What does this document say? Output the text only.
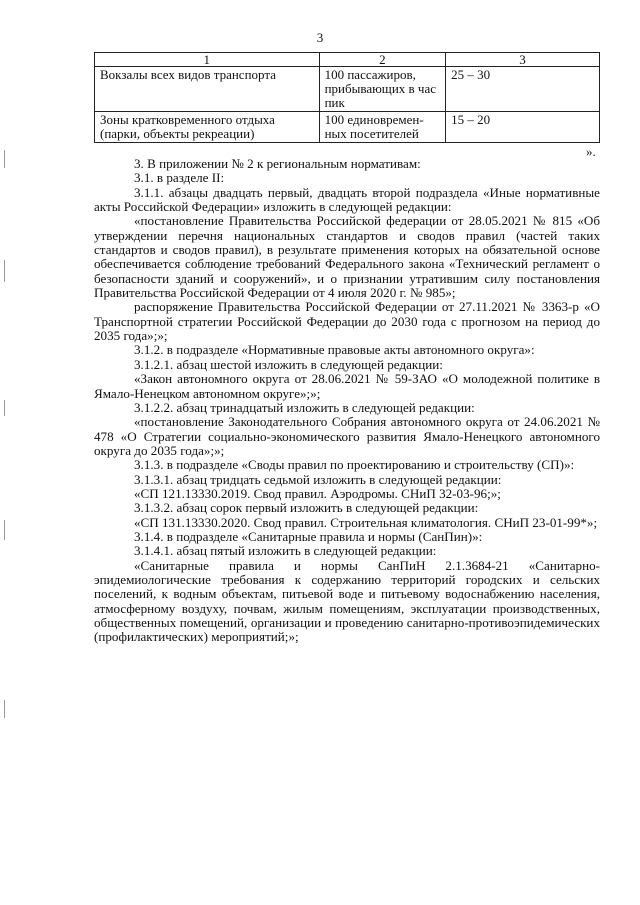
3
1	2	3
Вокзалы всех видов транспорта	100 пассажиров, прибывающих в час пик	25 – 30
Зоны кратковременного отдыха (парки, объекты рекреации)	100 единовремен-ных посетителей	15 – 20
».

3. В приложении № 2 к региональным нормативам:

3.1. в разделе II:

3.1.1. абзацы двадцать первый, двадцать второй подраздела «Иные нормативные акты Российской Федерации» изложить в следующей редакции:

«постановление Правительства Российской федерации от 28.05.2021 № 815 «Об утверждении перечня национальных стандартов и сводов правил (частей таких стандартов и сводов правил), в результате применения которых на обязательной основе обеспечивается соблюдение требований Федерального закона «Технический регламент о безопасности зданий и сооружений», и о признании утратившим силу постановления Правительства Российской Федерации от 4 июля 2020 г. № 985»;

распоряжение Правительства Российской Федерации от 27.11.2021 № 3363-р «О Транспортной стратегии Российской Федерации до 2030 года с прогнозом на период до 2035 года»;»;

3.1.2. в подразделе «Нормативные правовые акты автономного округа»:

3.1.2.1. абзац шестой изложить в следующей редакции:

«Закон автономного округа от 28.06.2021 № 59-ЗАО «О молодежной политике в Ямало-Ненецком автономном округе»;»;

3.1.2.2. абзац тринадцатый изложить в следующей редакции:

«постановление Законодательного Собрания автономного округа от 24.06.2021 № 478 «О Стратегии социально-экономического развития Ямало-Ненецкого автономного округа до 2035 года»;»;

3.1.3. в подразделе «Своды правил по проектированию и строительству (СП)»:

3.1.3.1. абзац тридцать седьмой изложить в следующей редакции:

«СП 121.13330.2019. Свод правил. Аэродромы. СНиП 32-03-96;»;

3.1.3.2. абзац сорок первый изложить в следующей редакции:

«СП 131.13330.2020. Свод правил. Строительная климатология. СНиП 23-01-99*»;

3.1.4. в подразделе «Санитарные правила и нормы (СанПин)»:

3.1.4.1. абзац пятый изложить в следующей редакции:

«Санитарные правила и нормы СанПиН 2.1.3684-21 «Санитарно-эпидемиологические требования к содержанию территорий городских и сельских поселений, к водным объектам, питьевой воде и питьевому водоснабжению населения, атмосферному воздуху, почвам, жилым помещениям, эксплуатации производственных, общественных помещений, организации и проведению санитарно-противоэпидемических (профилактических) мероприятий;»;
